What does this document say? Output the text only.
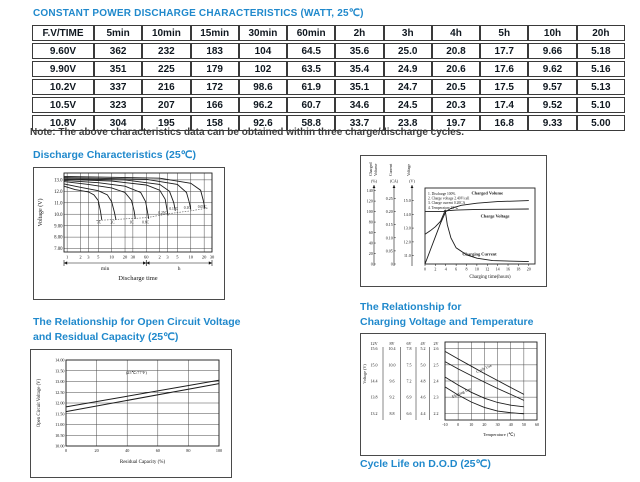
CONSTANT POWER DISCHARGE CHARACTERISTICS (WATT, 25℃)
F.V/TIME	5min	10min	15min	30min	60min	2h	3h	4h	5h	10h	20h
9.60V	362	232	183	104	64.5	35.6	25.0	20.8	17.7	9.66	5.18
9.90V	351	225	179	102	63.5	35.4	24.9	20.6	17.6	9.62	5.16
10.2V	337	216	172	98.6	61.9	35.1	24.7	20.5	17.5	9.57	5.13
10.5V	323	207	166	96.2	60.7	34.6	24.5	20.3	17.4	9.52	5.10
10.8V	304	195	158	92.6	58.8	33.7	23.8	19.7	16.8	9.33	5.00
Note: The above characteristics data can be obtained within three charge/discharge cycles.
Discharge Characteristics (25℃)
1 2 3 5 10 20 30 60 2 3 5 10 20 30
13.0
12.0
11.0
10.0
9.00
8.00
7.00
3C	2C	1C 0.6C
0.25C
0.17C 0.1C 0.05C
min	h
Discharge time
Voltage (V)
Charged Volume
(%)
140
120
100
80
60
40
20
0
Current
(CA)
0.25
0.20
0.15
0.10
0.05
0
Voltage
(V)
15.0
14.0
13.0
12.0
11.0
1. Discharge 100%
2. Charge voltage 2.40V/cell
3. Charge current 0.20CA
4. Temperature 25℃
0 2 4 6 8 10 12 14 16 18 20
Charging time(hours)
Charged Volume
Charge Voltage
Charging Current
The Relationship for Open Circuit Voltage
and Residual Capacity (25℃)
14.00
13.50
13.00
12.50
12.00
11.50
11.00
10.50
10.00
0	20	40	60	80	100
(25℃/77°F)
Open Circuit Voltage (V)
Residual Capacity (%)
The Relationship for
Charging Voltage and Temperature
12V
15.6
15.0
14.4
13.8
13.2
8V
10.4
10.0
9.6
9.2
8.8
6V
7.8
7.5
7.2
6.9
6.6
4V
5.2
5.0
4.8
4.6
4.4
2V
2.6
2.5
2.4
2.3
2.2
-10 0	10 20 30 40 50 60
Cycle Use
Floating Use
Voltage (V)
Temperature (℃)
Cycle Life on D.O.D (25℃)
